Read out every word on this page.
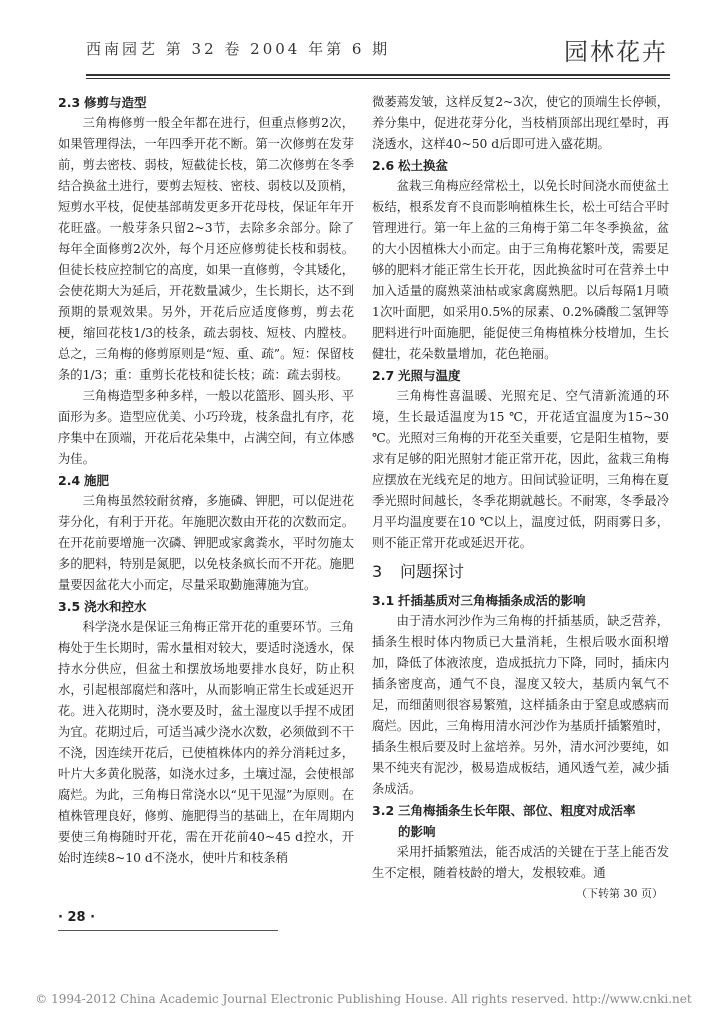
西南园艺 第 32 卷 2004 年第 6 期	园林花卉
2.3 修剪与造型

三角梅修剪一般全年都在进行，但重点修剪2次，如果管理得法，一年四季开花不断。第一次修剪在发芽前，剪去密枝、弱枝，短截徒长枝，第二次修剪在冬季结合换盆土进行，要剪去短枝、密枝、弱枝以及顶梢，短剪水平枝，促使基部萌发更多开花母枝，保证年年开花旺盛。一般芽条只留2~3节，去除多余部分。除了每年全面修剪2次外，每个月还应修剪徒长枝和弱枝。但徒长枝应控制它的高度，如果一直修剪，令其矮化，会使花期大为延后，开花数量减少，生长期长，达不到预期的景观效果。另外，开花后应适度修剪，剪去花梗，缩回花枝1/3的枝条，疏去弱枝、短枝、内膛枝。总之，三角梅的修剪原则是“短、重、疏”。短：保留枝条的1/3；重：重剪长花枝和徒长枝；疏：疏去弱枝。

三角梅造型多种多样，一般以花篮形、圆头形、平面形为多。造型应优美、小巧玲珑，枝条盘扎有序，花序集中在顶端，开花后花朵集中，占满空间，有立体感为佳。

2.4 施肥

三角梅虽然较耐贫瘠，多施磷、钾肥，可以促进花芽分化，有利于开花。年施肥次数由开花的次数而定。在开花前要增施一次磷、钾肥或家禽粪水，平时勿施太多的肥料，特别是氮肥，以免枝条疯长而不开花。施肥量要因盆花大小而定，尽量采取勤施薄施为宜。

3.5 浇水和控水

科学浇水是保证三角梅正常开花的重要环节。三角梅处于生长期时，需水量相对较大，要适时浇透水，保持水分供应，但盆土和摆放场地要排水良好，防止积水，引起根部腐烂和落叶，从而影响正常生长或延迟开花。进入花期时，浇水要及时，盆土湿度以手捏不成团为宜。花期过后，可适当减少浇水次数，必须做到不干不浇，因连续开花后，已使植株体内的养分消耗过多，叶片大多黄化脱落，如浇水过多，土壤过湿，会使根部腐烂。为此，三角梅日常浇水以“见干见湿”为原则。在植株管理良好，修剪、施肥得当的基础上，在年周期内要使三角梅随时开花，需在开花前40~45 d控水，开始时连续8~10 d不浇水，使叶片和枝条稍

微萎蔫发皱，这样反复2~3次，使它的顶端生长停顿，养分集中，促进花芽分化，当枝梢顶部出现红晕时，再浇透水，这样40~50 d后即可进入盛花期。

2.6 松土换盆

盆栽三角梅应经常松土，以免长时间浇水而使盆土板结，根系发育不良而影响植株生长，松土可结合平时管理进行。第一年上盆的三角梅于第二年冬季换盆，盆的大小因植株大小而定。由于三角梅花繁叶茂，需要足够的肥料才能正常生长开花，因此换盆时可在营养土中加入适量的腐熟菜油枯或家禽腐熟肥。以后每隔1月喷1次叶面肥，如采用0.5%的尿素、0.2%磷酸二氢钾等肥料进行叶面施肥，能促使三角梅植株分枝增加，生长健壮，花朵数量增加，花色艳丽。

2.7 光照与温度

三角梅性喜温暖、光照充足、空气清新流通的环境，生长最适温度为15 ℃，开花适宜温度为15~30 ℃。光照对三角梅的开花至关重要，它是阳生植物，要求有足够的阳光照射才能正常开花，因此，盆栽三角梅应摆放在光线充足的地方。田间试验证明，三角梅在夏季光照时间越长，冬季花期就越长。不耐寒，冬季最冷月平均温度要在10 ℃以上，温度过低，阴雨雾日多，则不能正常开花或延迟开花。

3 问题探讨
3.1 扦插基质对三角梅插条成活的影响

由于清水河沙作为三角梅的扦插基质，缺乏营养，插条生根时体内物质已大量消耗，生根后吸水面积增加，降低了体液浓度，造成抵抗力下降，同时，插床内插条密度高，通气不良，湿度又较大，基质内氧气不足，而细菌则很容易繁殖，这样插条由于窒息或感病而腐烂。因此，三角梅用清水河沙作为基质扦插繁殖时，插条生根后要及时上盆培养。另外，清水河沙要纯，如果不纯夹有泥沙，极易造成板结，通风透气差，减少插条成活。

3.2 三角梅插条生长年限、部位、粗度对成活率
的影响

采用扦插繁殖法，能否成活的关键在于茎上能否发生不定根，随着枝龄的增大，发根较难。通

（下转第 30 页）
· 28 ·
© 1994-2012 China Academic Journal Electronic Publishing House. All rights reserved. http://www.cnki.net
